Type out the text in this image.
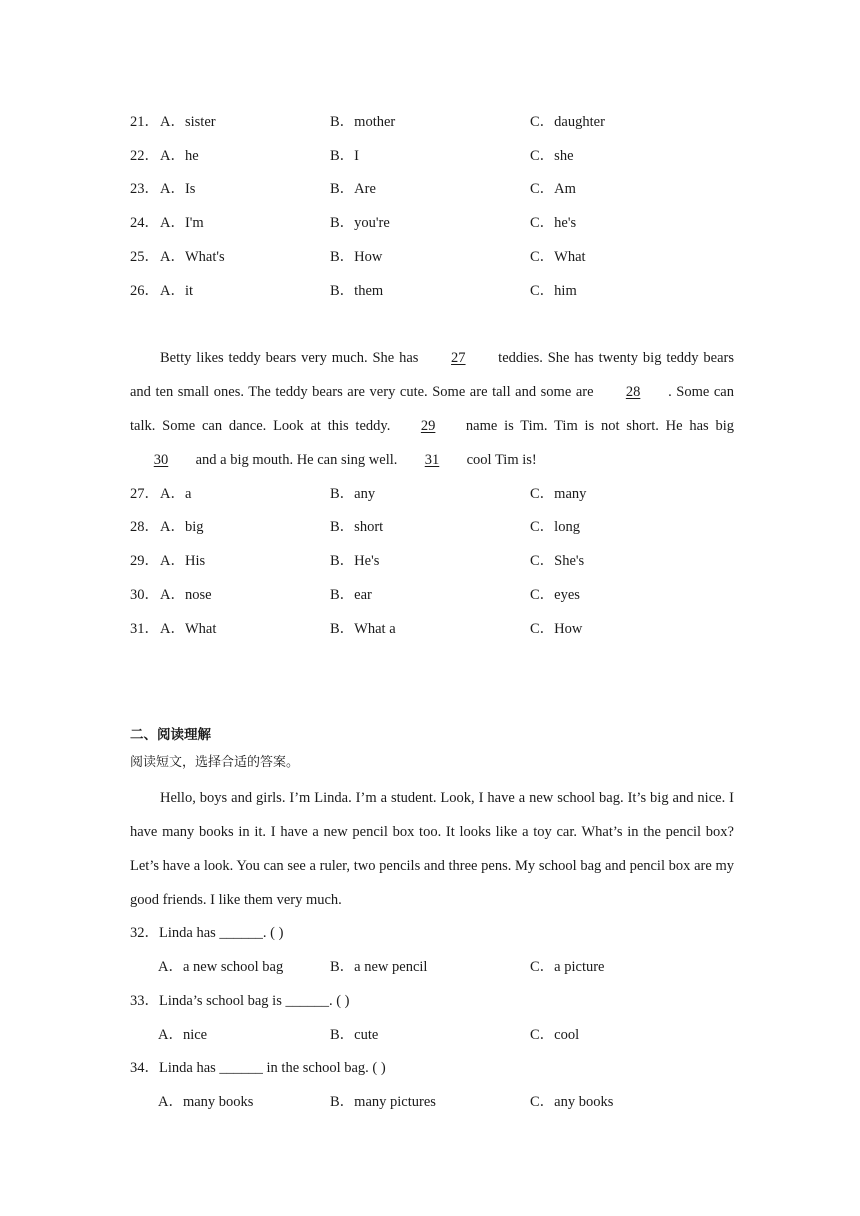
21． A．sister	B．mother	C．daughter
22． A．he	B．I	C．she
23． A．Is	B．Are	C．Am
24． A．I'm	B．you're	C．he's
25． A．What's	B．How	C．What
26． A．it	B．them	C．him
Betty likes teddy bears very much. She has 27 teddies. She has twenty big teddy bears and ten small ones. The teddy bears are very cute. Some are tall and some are 28 . Some can talk. Some can dance. Look at this teddy. 29 name is Tim. Tim is not short. He has big 30 and a big mouth. He can sing well. 31 cool Tim is!
27． A．a	B．any	C．many
28． A．big	B．short	C．long
29． A．His	B．He's	C．She's
30． A．nose	B．ear	C．eyes
31． A．What	B．What a	C．How
二、阅读理解
阅读短文，选择合适的答案。
Hello, boys and girls. I’m Linda. I’m a student. Look, I have a new school bag. It’s big and nice. I have many books in it. I have a new pencil box too. It looks like a toy car. What’s in the pencil box? Let’s have a look. You can see a ruler, two pencils and three pens. My school bag and pencil box are my good friends. I like them very much.
32．Linda has ______. ( )
A．a new school bag	B．a new pencil	C．a picture
33．Linda’s school bag is ______. ( )
A．nice	B．cute	C．cool
34．Linda has ______ in the school bag. ( )
A．many books	B．many pictures	C．any books
